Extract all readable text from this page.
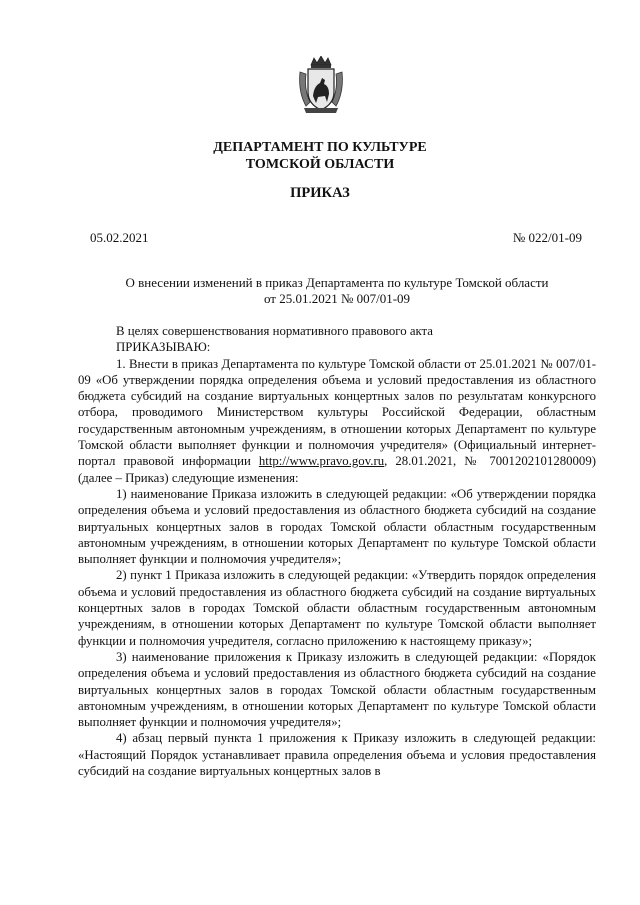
ДЕПАРТАМЕНТ ПО КУЛЬТУРЕ
ТОМСКОЙ ОБЛАСТИ
ПРИКАЗ
05.02.2021	№ 022/01-09
О внесении изменений в приказ Департамента по культуре Томской области
от 25.01.2021 № 007/01-09

В целях совершенствования нормативного правового акта

ПРИКАЗЫВАЮ:

1. Внести в приказ Департамента по культуре Томской области от 25.01.2021 № 007/01-09 «Об утверждении порядка определения объема и условий предоставления из областного бюджета субсидий на создание виртуальных концертных залов по результатам конкурсного отбора, проводимого Министерством культуры Российской Федерации, областным государственным автономным учреждениям, в отношении которых Департамент по культуре Томской области выполняет функции и полномочия учредителя» (Официальный интернет-портал правовой информации http://www.pravo.gov.ru, 28.01.2021, № 7001202101280009) (далее – Приказ) следующие изменения:

1) наименование Приказа изложить в следующей редакции: «Об утверждении порядка определения объема и условий предоставления из областного бюджета субсидий на создание виртуальных концертных залов в городах Томской области областным государственным автономным учреждениям, в отношении которых Департамент по культуре Томской области выполняет функции и полномочия учредителя»;

2) пункт 1 Приказа изложить в следующей редакции: «Утвердить порядок определения объема и условий предоставления из областного бюджета субсидий на создание виртуальных концертных залов в городах Томской области областным государственным автономным учреждениям, в отношении которых Департамент по культуре Томской области выполняет функции и полномочия учредителя, согласно приложению к настоящему приказу»;

3) наименование приложения к Приказу изложить в следующей редакции: «Порядок определения объема и условий предоставления из областного бюджета субсидий на создание виртуальных концертных залов в городах Томской области областным государственным автономным учреждениям, в отношении которых Департамент по культуре Томской области выполняет функции и полномочия учредителя»;

4) абзац первый пункта 1 приложения к Приказу изложить в следующей редакции: «Настоящий Порядок устанавливает правила определения объема и условия предоставления субсидий на создание виртуальных концертных залов в
